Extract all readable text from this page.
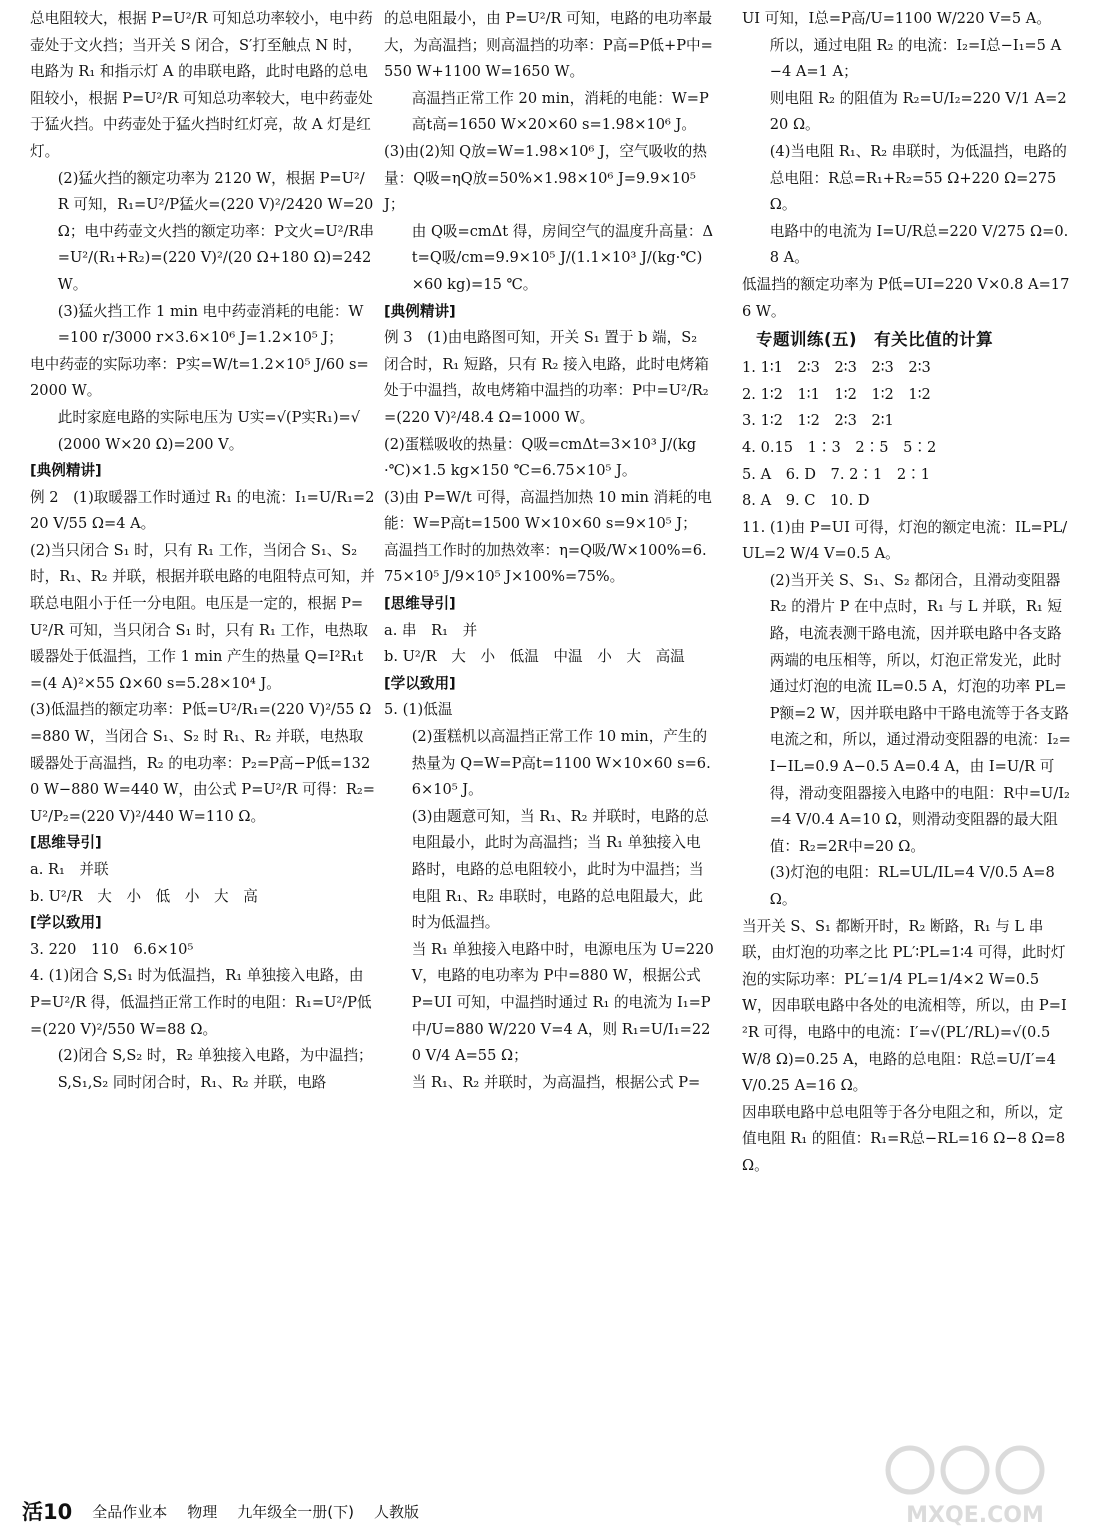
总电阻较大，根据 P=U²/R 可知总功率较小，电中药壶处于文火挡；当开关 S 闭合，S′打至触点 N 时，电路为 R₁ 和指示灯 A 的串联电路，此时电路的总电阻较小，根据 P=U²/R 可知总功率较大，电中药壶处于猛火挡。中药壶处于猛火挡时红灯亮，故 A 灯是红灯。

(2)猛火挡的额定功率为 2120 W，根据 P=U²/R 可知，R₁=U²/P猛火=(220 V)²/2420 W=20 Ω；电中药壶文火挡的额定功率：P文火=U²/R串=U²/(R₁+R₂)=(220 V)²/(20 Ω+180 Ω)=242 W。

(3)猛火挡工作 1 min 电中药壶消耗的电能：W=100 r/3000 r×3.6×10⁶ J=1.2×10⁵ J；

电中药壶的实际功率：P实=W/t=1.2×10⁵ J/60 s=2000 W。

此时家庭电路的实际电压为 U实=√(P实R₁)=√(2000 W×20 Ω)=200 V。

[典例精讲]

例 2　(1)取暖器工作时通过 R₁ 的电流：I₁=U/R₁=220 V/55 Ω=4 A。

(2)当只闭合 S₁ 时，只有 R₁ 工作，当闭合 S₁、S₂ 时，R₁、R₂ 并联，根据并联电路的电阻特点可知，并联总电阻小于任一分电阻。电压是一定的，根据 P=U²/R 可知，当只闭合 S₁ 时，只有 R₁ 工作，电热取暖器处于低温挡，工作 1 min 产生的热量 Q=I²R₁t=(4 A)²×55 Ω×60 s=5.28×10⁴ J。

(3)低温挡的额定功率：P低=U²/R₁=(220 V)²/55 Ω=880 W，当闭合 S₁、S₂ 时 R₁、R₂ 并联，电热取暖器处于高温挡，R₂ 的电功率：P₂=P高−P低=1320 W−880 W=440 W，由公式 P=U²/R 可得：R₂=U²/P₂=(220 V)²/440 W=110 Ω。

[思维导引]

a. R₁　并联

b. U²/R　大　小　低　小　大　高

[学以致用]

3. 220　110　6.6×10⁵

4. (1)闭合 S,S₁ 时为低温挡，R₁ 单独接入电路，由 P=U²/R 得，低温挡正常工作时的电阻：R₁=U²/P低=(220 V)²/550 W=88 Ω。

(2)闭合 S,S₂ 时，R₂ 单独接入电路，为中温挡；S,S₁,S₂ 同时闭合时，R₁、R₂ 并联，电路

的总电阻最小，由 P=U²/R 可知，电路的电功率最大，为高温挡；则高温挡的功率：P高=P低+P中=550 W+1100 W=1650 W。

高温挡正常工作 20 min，消耗的电能：W=P高t高=1650 W×20×60 s=1.98×10⁶ J。

(3)由(2)知 Q放=W=1.98×10⁶ J，空气吸收的热量：Q吸=ηQ放=50%×1.98×10⁶ J=9.9×10⁵ J；

由 Q吸=cmΔt 得，房间空气的温度升高量：Δt=Q吸/cm=9.9×10⁵ J/(1.1×10³ J/(kg·℃)×60 kg)=15 ℃。

[典例精讲]

例 3　(1)由电路图可知，开关 S₁ 置于 b 端，S₂ 闭合时，R₁ 短路，只有 R₂ 接入电路，此时电烤箱处于中温挡，故电烤箱中温挡的功率：P中=U²/R₂=(220 V)²/48.4 Ω=1000 W。

(2)蛋糕吸收的热量：Q吸=cmΔt=3×10³ J/(kg·℃)×1.5 kg×150 ℃=6.75×10⁵ J。

(3)由 P=W/t 可得，高温挡加热 10 min 消耗的电能：W=P高t=1500 W×10×60 s=9×10⁵ J；

高温挡工作时的加热效率：η=Q吸/W×100%=6.75×10⁵ J/9×10⁵ J×100%=75%。

[思维导引]

a. 串　R₁　并

b. U²/R　大　小　低温　中温　小　大　高温

[学以致用]

5. (1)低温

(2)蛋糕机以高温挡正常工作 10 min，产生的热量为 Q=W=P高t=1100 W×10×60 s=6.6×10⁵ J。

(3)由题意可知，当 R₁、R₂ 并联时，电路的总电阻最小，此时为高温挡；当 R₁ 单独接入电路时，电路的总电阻较小，此时为中温挡；当电阻 R₁、R₂ 串联时，电路的总电阻最大，此时为低温挡。

当 R₁ 单独接入电路中时，电源电压为 U=220 V，电路的电功率为 P中=880 W，根据公式 P=UI 可知，中温挡时通过 R₁ 的电流为 I₁=P中/U=880 W/220 V=4 A，则 R₁=U/I₁=220 V/4 A=55 Ω；

当 R₁、R₂ 并联时，为高温挡，根据公式 P=

UI 可知，I总=P高/U=1100 W/220 V=5 A。

所以，通过电阻 R₂ 的电流：I₂=I总−I₁=5 A−4 A=1 A；

则电阻 R₂ 的阻值为 R₂=U/I₂=220 V/1 A=220 Ω。

(4)当电阻 R₁、R₂ 串联时，为低温挡，电路的总电阻：R总=R₁+R₂=55 Ω+220 Ω=275 Ω。

电路中的电流为 I=U/R总=220 V/275 Ω=0.8 A。

低温挡的额定功率为 P低=UI=220 V×0.8 A=176 W。

专题训练(五)　有关比值的计算

1. 1∶1　2∶3　2∶3　2∶3　2∶3

2. 1∶2　1∶1　1∶2　1∶2　1∶2

3. 1∶2　1∶2　2∶3　2∶1

4. 0.15　1∶3　2∶5　5∶2

5. A　6. D　7. 2∶1　2∶1

8. A　9. C　10. D

11. (1)由 P=UI 可得，灯泡的额定电流：IL=PL/UL=2 W/4 V=0.5 A。

(2)当开关 S、S₁、S₂ 都闭合，且滑动变阻器 R₂ 的滑片 P 在中点时，R₁ 与 L 并联，R₁ 短路，电流表测干路电流，因并联电路中各支路两端的电压相等，所以，灯泡正常发光，此时通过灯泡的电流 IL=0.5 A，灯泡的功率 PL=P额=2 W，因并联电路中干路电流等于各支路电流之和，所以，通过滑动变阻器的电流：I₂=I−IL=0.9 A−0.5 A=0.4 A，由 I=U/R 可得，滑动变阻器接入电路中的电阻：R中=U/I₂=4 V/0.4 A=10 Ω，则滑动变阻器的最大阻值：R₂=2R中=20 Ω。

(3)灯泡的电阻：RL=UL/IL=4 V/0.5 A=8 Ω。

当开关 S、S₁ 都断开时，R₂ 断路，R₁ 与 L 串联，由灯泡的功率之比 PL′∶PL=1∶4 可得，此时灯泡的实际功率：PL′=1/4 PL=1/4×2 W=0.5 W，因串联电路中各处的电流相等，所以，由 P=I²R 可得，电路中的电流：I′=√(PL′/RL)=√(0.5 W/8 Ω)=0.25 A，电路的总电阻：R总=U/I′=4 V/0.25 A=16 Ω。

因串联电路中总电阻等于各分电阻之和，所以，定值电阻 R₁ 的阻值：R₁=R总−RL=16 Ω−8 Ω=8 Ω。

活10 全品作业本 物理 九年级全一册(下) 人教版	MXQE.COM
